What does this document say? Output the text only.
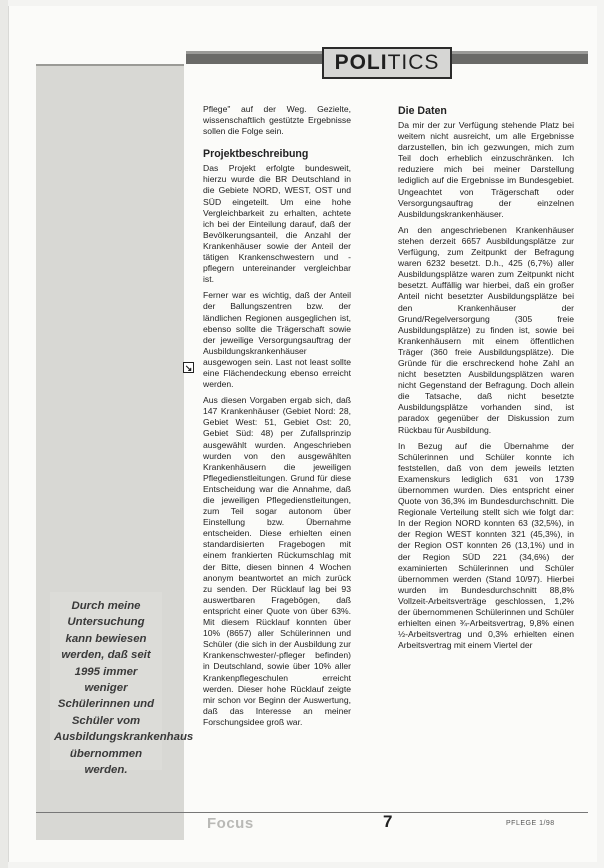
POLITICS

Pflege" auf der Weg. Gezielte, wissenschaftlich gestützte Ergebnisse sollen die Folge sein.

Projektbeschreibung

Das Projekt erfolgte bundesweit, hierzu wurde die BR Deutschland in die Gebiete NORD, WEST, OST und SÜD eingeteilt. Um eine hohe Vergleichbarkeit zu erhalten, achtete ich bei der Einteilung darauf, daß der Bevölkerungsanteil, die Anzahl der Krankenhäuser sowie der Anteil der tätigen Krankenschwestern und -pflegern untereinander vergleichbar ist.

Ferner war es wichtig, daß der Anteil der Ballungszentren bzw. der ländlichen Regionen ausgeglichen ist, ebenso sollte die Trägerschaft sowie der jeweilige Versorgungsauftrag der Ausbildungskrankenhäuser ausgewogen sein. Last not least sollte eine Flächendeckung ebenso erreicht werden.

Aus diesen Vorgaben ergab sich, daß 147 Krankenhäuser (Gebiet Nord: 28, Gebiet West: 51, Gebiet Ost: 20, Gebiet Süd: 48) per Zufallsprinzip ausgewählt wurden. Angeschrieben wurden von den ausgewählten Krankenhäusern die jeweiligen Pflegedienstleitungen. Grund für diese Entscheidung war die Annahme, daß die jeweiligen Pflegedienstleitungen, zum Teil sogar autonom über Einstellung bzw. Übernahme entscheiden. Diese erhielten einen standardisierten Fragebogen mit einem frankierten Rückumschlag mit der Bitte, diesen binnen 4 Wochen anonym beantwortet an mich zurück zu senden. Der Rücklauf lag bei 93 auswertbaren Fragebögen, daß entspricht einer Quote von über 63%. Mit diesem Rücklauf konnten über 10% (8657) aller Schülerinnen und Schüler (die sich in der Ausbildung zur Krankenschwester/-pfleger befinden) in Deutschland, sowie über 10% aller Krankenpflegeschulen erreicht werden. Dieser hohe Rücklauf zeigte mir schon vor Beginn der Auswertung, daß das Interesse an meiner Forschungsidee groß war.

↘
Die Daten

Da mir der zur Verfügung stehende Platz bei weitem nicht ausreicht, um alle Ergebnisse darzustellen, bin ich gezwungen, mich zum Teil doch erheblich einzuschränken. Ich reduziere mich bei meiner Darstellung lediglich auf die Ergebnisse im Bundesgebiet. Ungeachtet von Trägerschaft oder Versorgungsauftrag der einzelnen Ausbildungskrankenhäuser.

An den angeschriebenen Krankenhäuser stehen derzeit 6657 Ausbildungsplätze zur Verfügung, zum Zeitpunkt der Befragung waren 6232 besetzt. D.h., 425 (6,7%) aller Ausbildungsplätze waren zum Zeitpunkt nicht besetzt. Auffällig war hierbei, daß ein großer Anteil nicht besetzter Ausbildungsplätze bei den Krankenhäuser der Grund/Regelversorgung (305 freie Ausbildungsplätze) zu finden ist, sowie bei Krankenhäusern mit einem öffentlichen Träger (360 freie Ausbildungsplätze). Die Gründe für die erschreckend hohe Zahl an nicht besetzten Ausbildungsplätzen waren nicht Gegenstand der Befragung. Doch allein die Tatsache, daß nicht besetzte Ausbildungsplätze vorhanden sind, ist paradox gegenüber der Diskussion zum Rückbau für Ausbildung.

In Bezug auf die Übernahme der Schülerinnen und Schüler konnte ich feststellen, daß von dem jeweils letzten Examenskurs lediglich 631 von 1739 übernommen wurden. Dies entspricht einer Quote von 36,3% im Bundesdurchschnitt. Die Regionale Verteilung stellt sich wie folgt dar: In der Region NORD konnten 63 (32,5%), in der Region WEST konnten 321 (45,3%), in der Region OST konnten 26 (13,1%) und in der Region SÜD 221 (34,6%) der examinierten Schülerinnen und Schüler übernommen werden (Stand 10/97). Hierbei wurden im Bundesdurchschnitt 88,8% Vollzeit-Arbeitsverträge geschlossen, 1,2% der übernommenen Schülerinnen und Schüler erhielten einen ¾-Arbeitsvertrag, 9,8% einen ½-Arbeitsvertrag und 0,3% erhielten einen Arbeitsvertrag mit einem Viertel der

Durch meine Untersuchung kann bewiesen werden, daß seit 1995 immer weniger Schülerinnen und Schüler vom Ausbildungskrankenhaus übernommen werden.
Focus	7	PFLEGE 1/98
